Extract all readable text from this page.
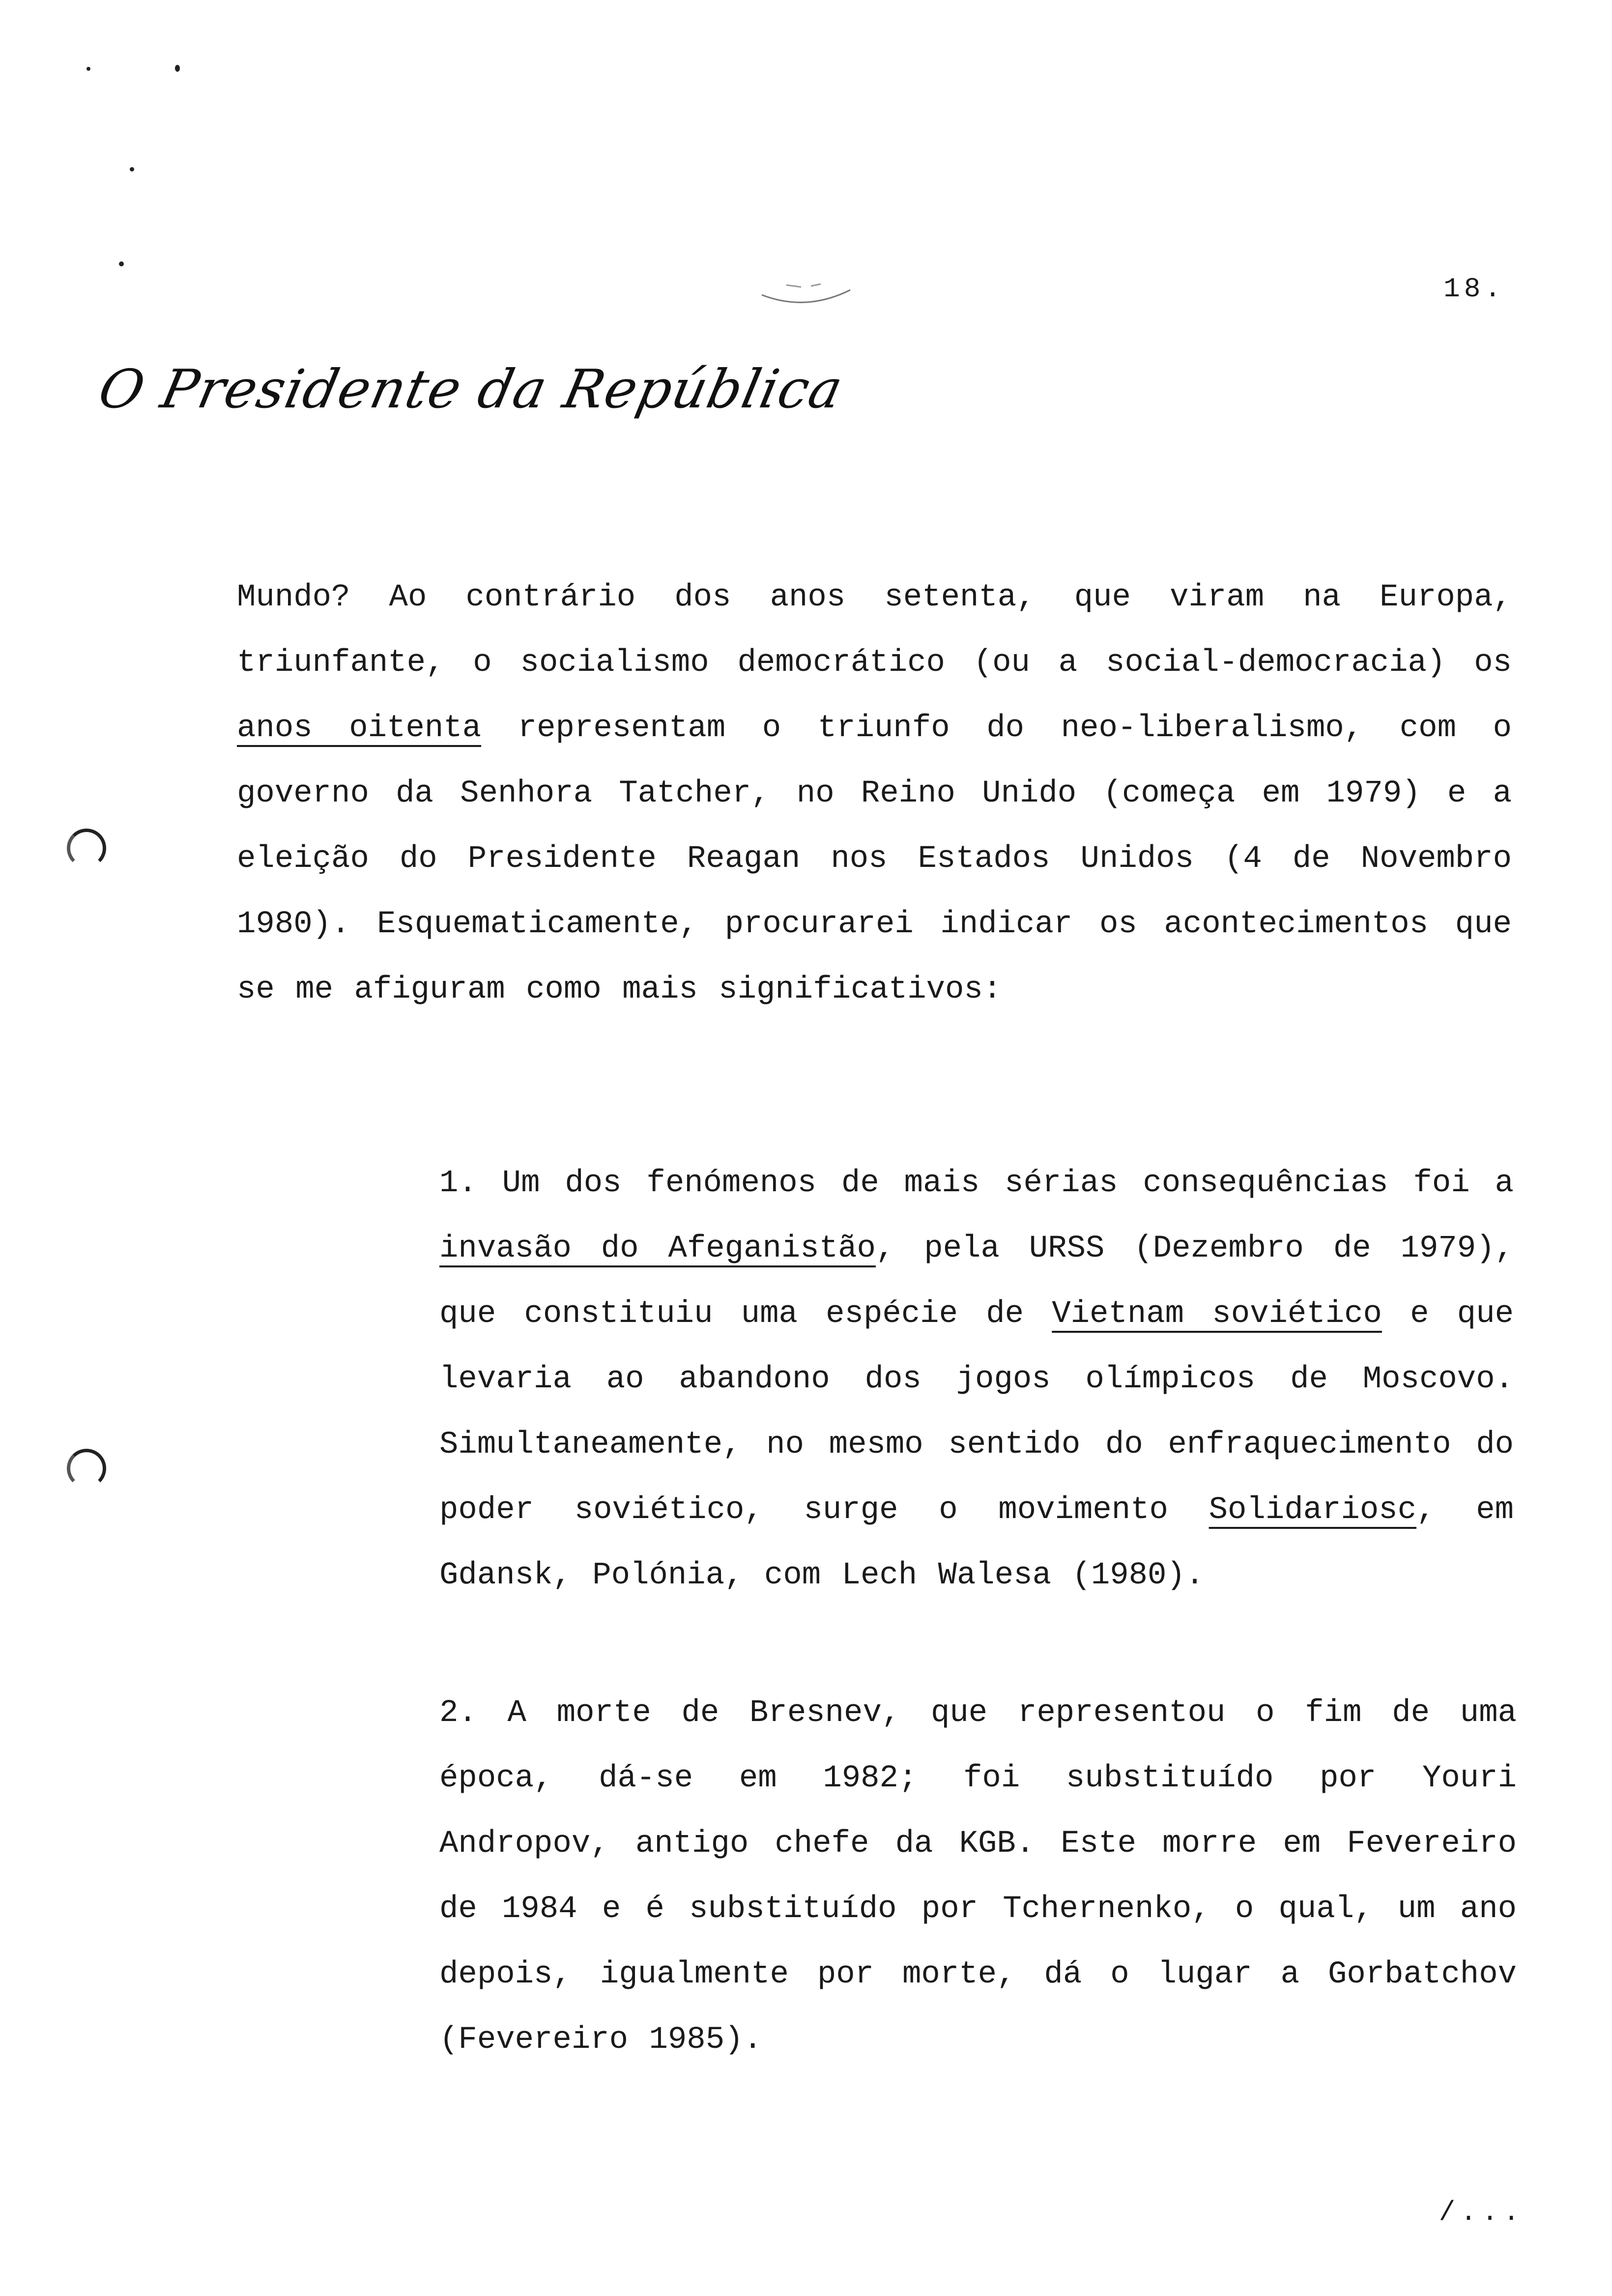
18.
O Presidente da República
Mundo? Ao contrário dos anos setenta, que viram na Europa, triunfante, o socialismo democrático (ou a social-democracia) os anos oitenta representam o triunfo do neo-liberalismo, com o governo da Senhora Tatcher, no Reino Unido (começa em 1979) e a eleição do Presidente Reagan nos Estados Unidos (4 de Novembro 1980). Esquematicamente, procurarei indicar os acontecimentos que se me afiguram como mais significativos:
1. Um dos fenómenos de mais sérias consequências foi a invasão do Afeganistão, pela URSS (Dezembro de 1979), que constituiu uma espécie de Vietnam soviético e que levaria ao abandono dos jogos olímpicos de Moscovo. Simultaneamente, no mesmo sentido do enfraquecimento do poder soviético, surge o movimento Solidariosc, em Gdansk, Polónia, com Lech Walesa (1980).
2. A morte de Bresnev, que representou o fim de uma época, dá-se em 1982; foi substituído por Youri Andropov, antigo chefe da KGB. Este morre em Fevereiro de 1984 e é substituído por Tchernenko, o qual, um ano depois, igualmente por morte, dá o lugar a Gorbatchov (Fevereiro 1985).
/...
